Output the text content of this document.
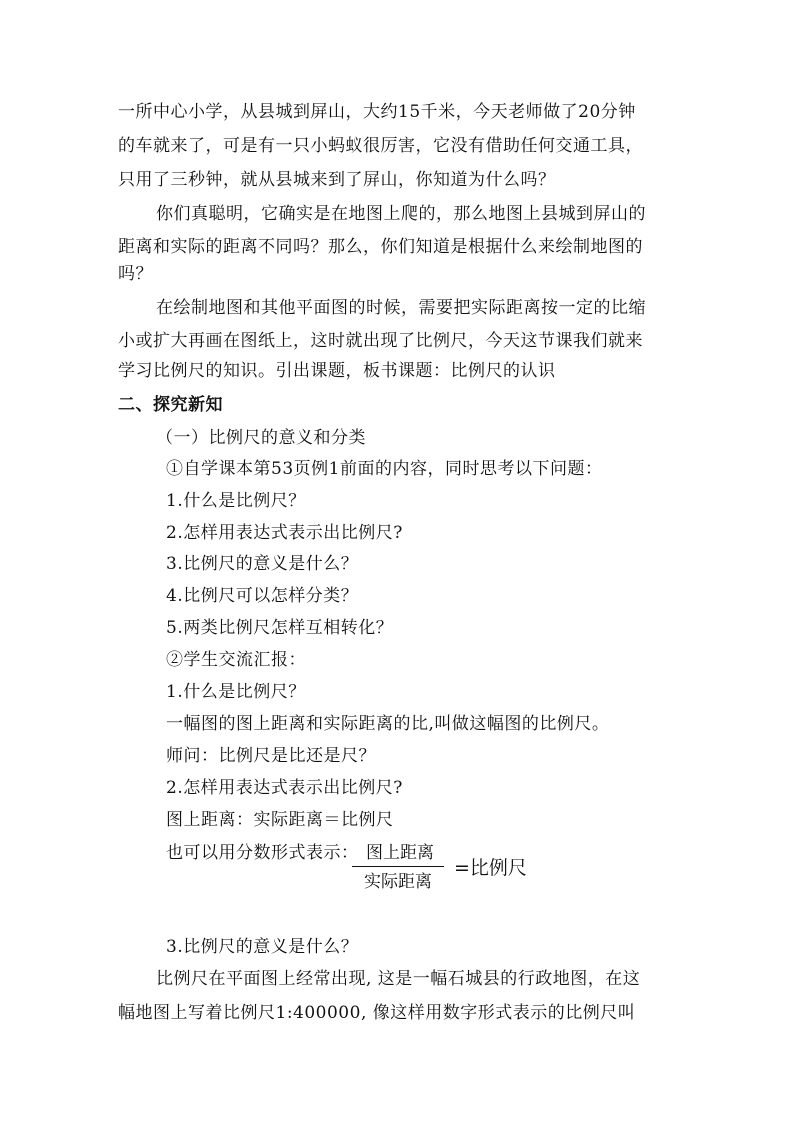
一所中心小学，从县城到屏山，大约15千米，今天老师做了20分钟
的车就来了，可是有一只小蚂蚁很厉害，它没有借助任何交通工具，
只用了三秒钟，就从县城来到了屏山，你知道为什么吗？
你们真聪明，它确实是在地图上爬的，那么地图上县城到屏山的
距离和实际的距离不同吗？那么，你们知道是根据什么来绘制地图的
吗？
在绘制地图和其他平面图的时候，需要把实际距离按一定的比缩
小或扩大再画在图纸上，这时就出现了比例尺，今天这节课我们就来
学习比例尺的知识。引出课题，板书课题：比例尺的认识
二、探究新知
（一）比例尺的意义和分类
①自学课本第53页例1前面的内容，同时思考以下问题：
1.什么是比例尺？
2.怎样用表达式表示出比例尺?
3.比例尺的意义是什么？
4.比例尺可以怎样分类？
5.两类比例尺怎样互相转化？
②学生交流汇报：
1.什么是比例尺？
一幅图的图上距离和实际距离的比,叫做这幅图的比例尺。
师问：比例尺是比还是尺？
2.怎样用表达式表示出比例尺?
图上距离：实际距离＝比例尺
也可以用分数形式表示： 图上距离
实际距离
=比例尺
3.比例尺的意义是什么？
比例尺在平面图上经常出现, 这是一幅石城县的行政地图，在这
幅地图上写着比例尺1:400000, 像这样用数字形式表示的比例尺叫
